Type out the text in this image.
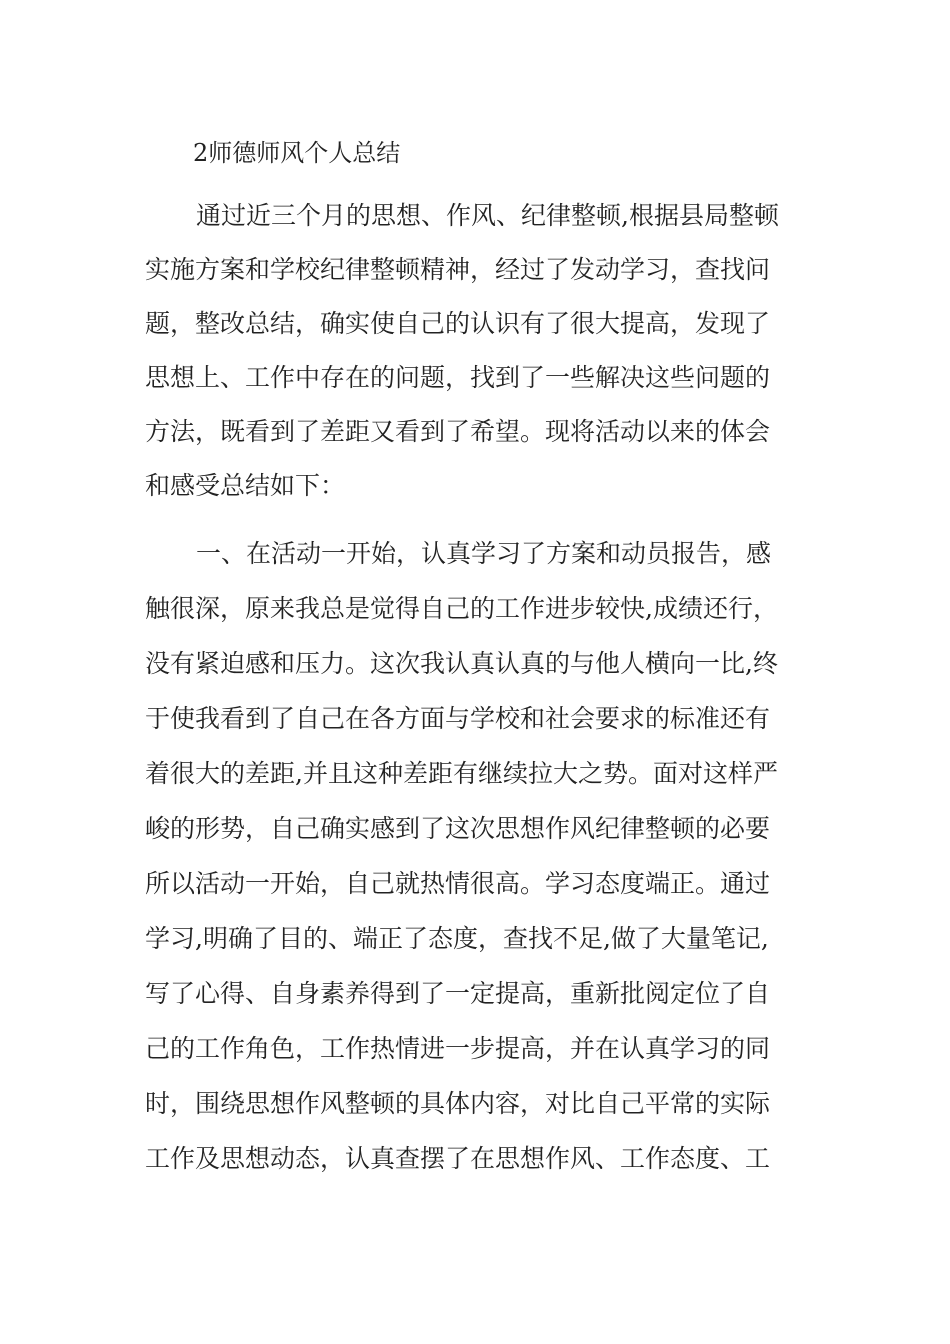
2师德师风个人总结

通过近三个月的思想、作风、纪律整顿,根据县局整顿

实施方案和学校纪律整顿精神，经过了发动学习，查找问

题，整改总结，确实使自己的认识有了很大提高，发现了

思想上、工作中存在的问题，找到了一些解决这些问题的

方法，既看到了差距又看到了希望。现将活动以来的体会

和感受总结如下：

一、在活动一开始，认真学习了方案和动员报告，感

触很深，原来我总是觉得自己的工作进步较快,成绩还行，

没有紧迫感和压力。这次我认真认真的与他人横向一比,终

于使我看到了自己在各方面与学校和社会要求的标准还有

着很大的差距,并且这种差距有继续拉大之势。面对这样严

峻的形势，自己确实感到了这次思想作风纪律整顿的必要

所以活动一开始，自己就热情很高。学习态度端正。通过

学习,明确了目的、端正了态度，查找不足,做了大量笔记,

写了心得、自身素养得到了一定提高，重新批阅定位了自

己的工作角色，工作热情进一步提高，并在认真学习的同

时，围绕思想作风整顿的具体内容，对比自己平常的实际

工作及思想动态，认真查摆了在思想作风、工作态度、工
